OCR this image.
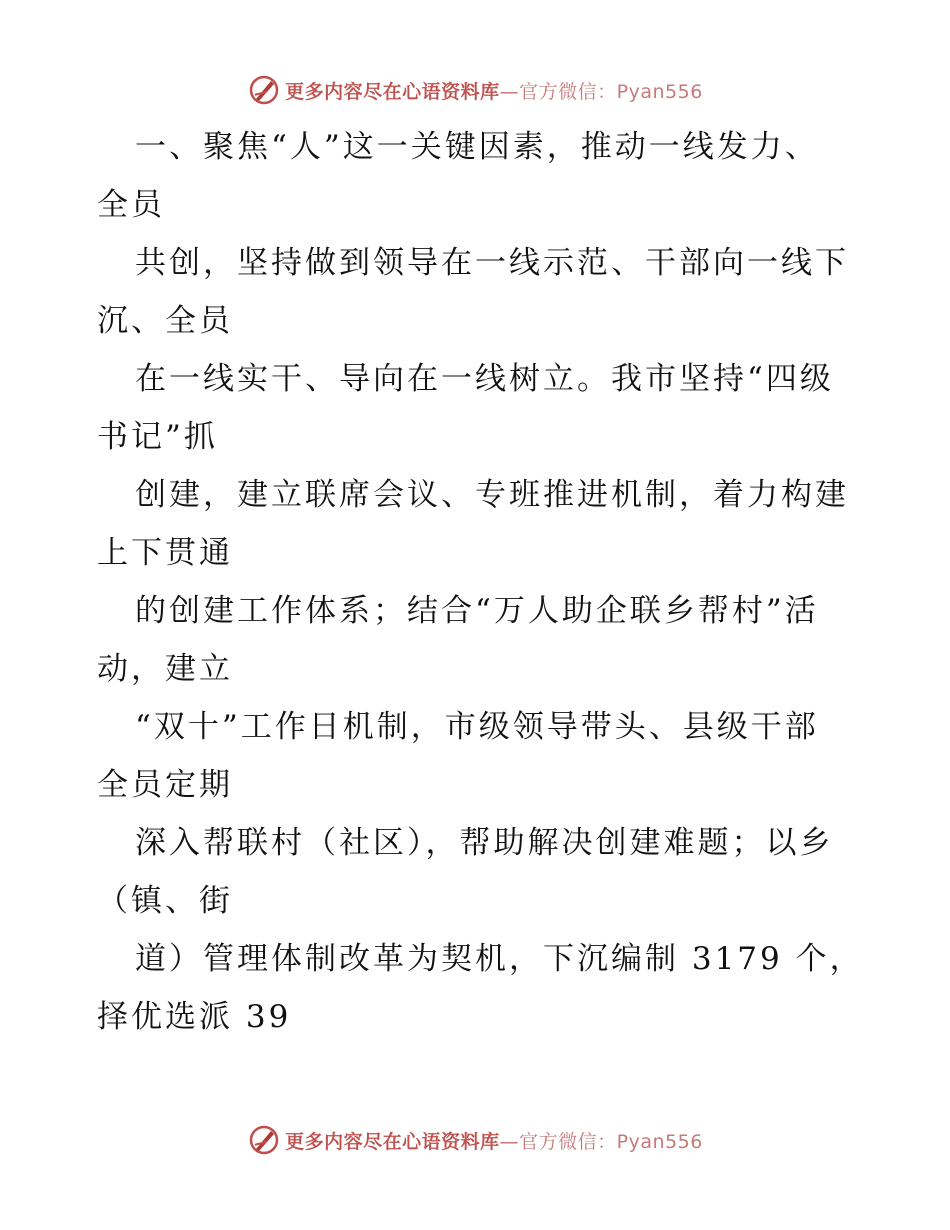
更多内容尽在心语资料库—官方微信：Pyan556
一、聚焦“人”这一关键因素，推动一线发力、
全员
共创，坚持做到领导在一线示范、干部向一线下
沉、全员
在一线实干、导向在一线树立。我市坚持“四级
书记”抓
创建，建立联席会议、专班推进机制，着力构建
上下贯通
的创建工作体系；结合“万人助企联乡帮村”活
动，建立
“双十”工作日机制，市级领导带头、县级干部
全员定期
深入帮联村（社区），帮助解决创建难题；以乡
（镇、街
道）管理体制改革为契机，下沉编制 3179 个，
择优选派 39
更多内容尽在心语资料库—官方微信：Pyan556
